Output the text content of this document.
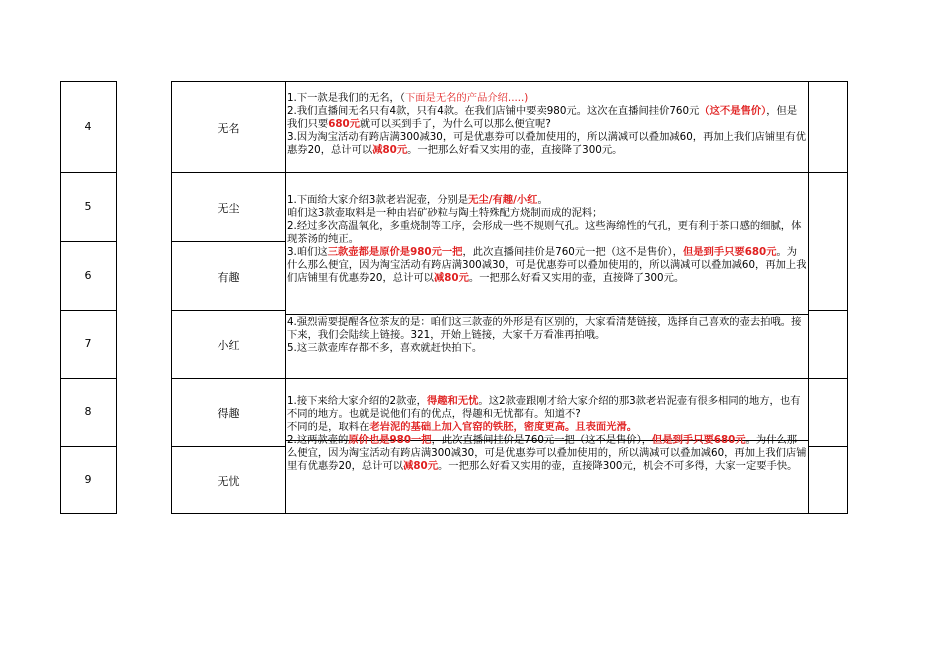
4
5
6
7
8
9
无名
无尘
有趣
小红
得趣
无忧

1.下一款是我们的无名，（下面是无名的产品介绍.....)

2.我们直播间无名只有4款，只有4款。在我们店铺中要卖980元。这次在直播间挂价760元（这不是售价），但是我们只要680元就可以买到手了，为什么可以那么便宜呢?

3.因为淘宝活动有跨店满300减30，可是优惠券可以叠加使用的，所以满减可以叠加减60，再加上我们店铺里有优惠券20，总计可以减80元。一把那么好看又实用的壶，直接降了300元。

1.下面给大家介绍3款老岩泥壶，分别是无尘/有趣/小红。

咱们这3款壶取料是一种由岩矿砂粒与陶土特殊配方烧制而成的泥料；

2.经过多次高温氧化，多重烧制等工序，会形成一些不规则气孔。这些海绵性的气孔，更有利于茶口感的细腻，体现茶汤的纯正。

3.咱们这三款壶都是原价是980元一把，此次直播间挂价是760元一把（这不是售价），但是到手只要680元。为什么那么便宜，因为淘宝活动有跨店满300减30，可是优惠券可以叠加使用的，所以满减可以叠加减60，再加上我们店铺里有优惠券20，总计可以减80元。一把那么好看又实用的壶，直接降了300元。

4.强烈需要提醒各位茶友的是：咱们这三款壶的外形是有区别的，大家看清楚链接，选择自己喜欢的壶去拍哦。接下来，我们会陆续上链接。321，开始上链接，大家千万看准再拍哦。

5.这三款壶库存都不多，喜欢就赶快拍下。

1.接下来给大家介绍的2款壶，得趣和无忧。这2款壶跟刚才给大家介绍的那3款老岩泥壶有很多相同的地方，也有不同的地方。也就是说他们有的优点，得趣和无忧都有。知道不?

不同的是，取料在老岩泥的基础上加入官窑的铁胚，密度更高。且表面光滑。

2.这两款壶的原价也是980一把，此次直播间挂价是760元一把（这不是售价），但是到手只要680元。为什么那么便宜，因为淘宝活动有跨店满300减30，可是优惠券可以叠加使用的，所以满减可以叠加减60，再加上我们店铺里有优惠券20，总计可以减80元。一把那么好看又实用的壶，直接降300元，机会不可多得，大家一定要手快。
